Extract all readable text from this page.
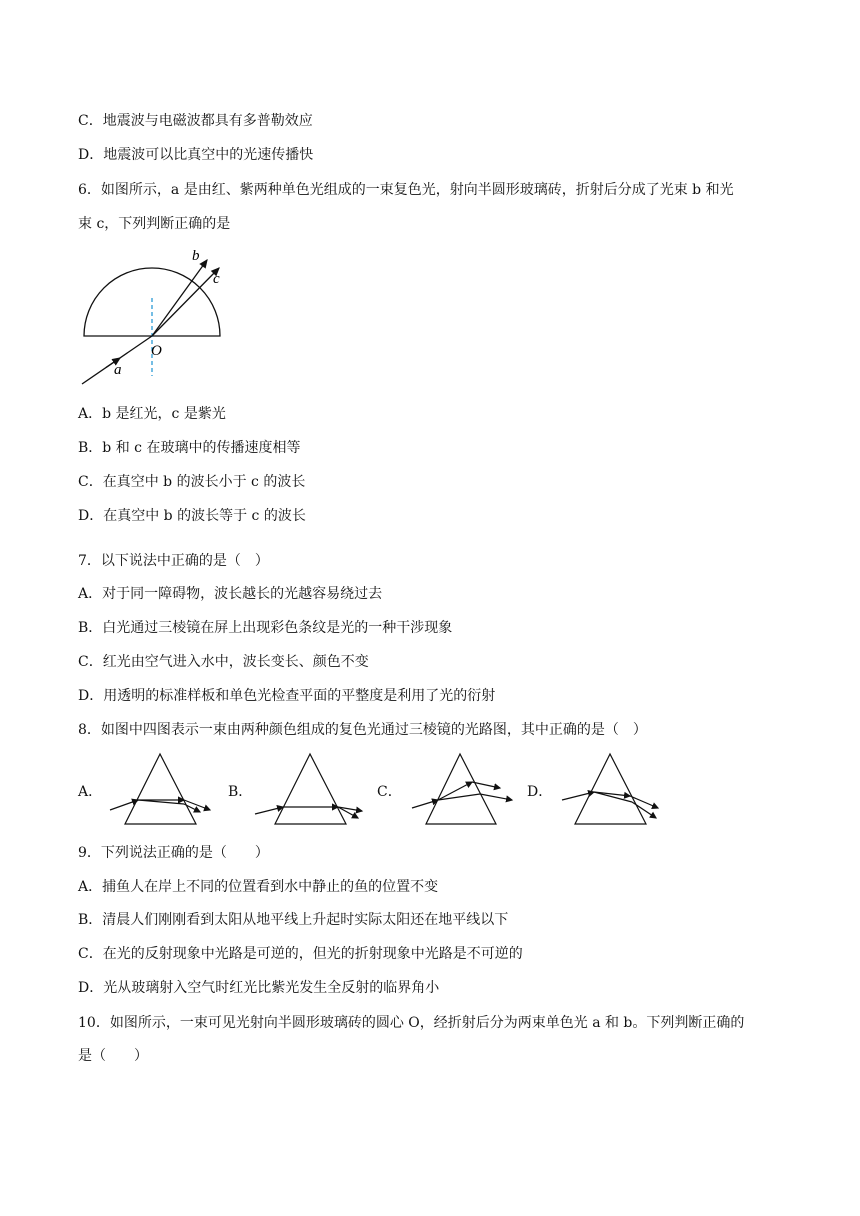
C．地震波与电磁波都具有多普勒效应
D．地震波可以比真空中的光速传播快
6．如图所示，a 是由红、紫两种单色光组成的一束复色光，射向半圆形玻璃砖，折射后分成了光束 b 和光
束 c，下列判断正确的是
b
c
O
a
A．b 是红光，c 是紫光
B．b 和 c 在玻璃中的传播速度相等
C．在真空中 b 的波长小于 c 的波长
D．在真空中 b 的波长等于 c 的波长
7．以下说法中正确的是（　）
A．对于同一障碍物，波长越长的光越容易绕过去
B．白光通过三棱镜在屏上出现彩色条纹是光的一种干涉现象
C．红光由空气进入水中，波长变长、颜色不变
D．用透明的标准样板和单色光检查平面的平整度是利用了光的衍射
8．如图中四图表示一束由两种颜色组成的复色光通过三棱镜的光路图，其中正确的是（　）
A．	B．	C．	D．
9．下列说法正确的是（　　）
A．捕鱼人在岸上不同的位置看到水中静止的鱼的位置不变
B．清晨人们刚刚看到太阳从地平线上升起时实际太阳还在地平线以下
C．在光的反射现象中光路是可逆的，但光的折射现象中光路是不可逆的
D．光从玻璃射入空气时红光比紫光发生全反射的临界角小
10．如图所示，一束可见光射向半圆形玻璃砖的圆心 O，经折射后分为两束单色光 a 和 b。下列判断正确的
是（　　）
